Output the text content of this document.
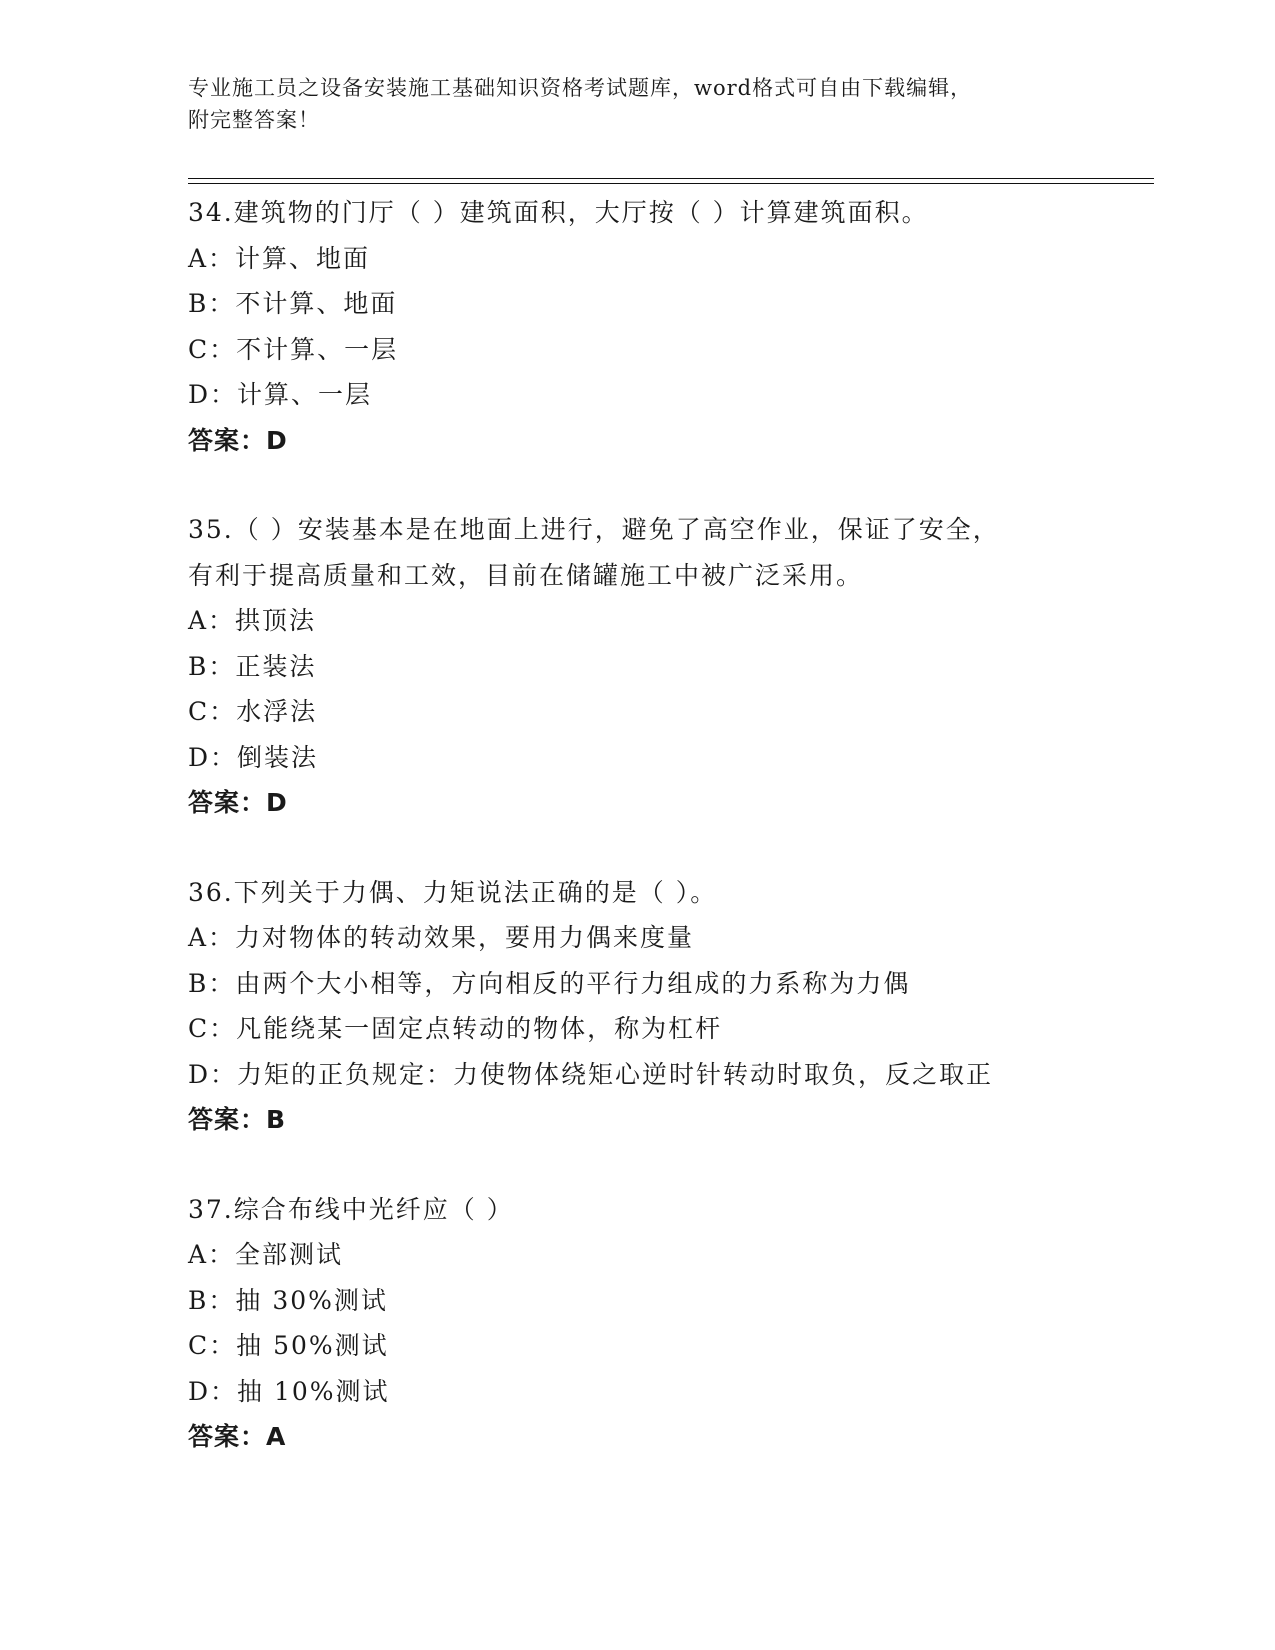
专业施工员之设备安装施工基础知识资格考试题库，word格式可自由下载编辑，
附完整答案！
34.建筑物的门厅（ ）建筑面积，大厅按（ ）计算建筑面积。
A：计算、地面
B：不计算、地面
C：不计算、一层
D：计算、一层
答案：D
35.（ ）安装基本是在地面上进行，避免了高空作业，保证了安全，
有利于提高质量和工效，目前在储罐施工中被广泛采用。
A：拱顶法
B：正装法
C：水浮法
D：倒装法
答案：D
36.下列关于力偶、力矩说法正确的是（ ）。
A：力对物体的转动效果，要用力偶来度量
B：由两个大小相等，方向相反的平行力组成的力系称为力偶
C：凡能绕某一固定点转动的物体，称为杠杆
D：力矩的正负规定：力使物体绕矩心逆时针转动时取负，反之取正
答案：B
37.综合布线中光纤应（ ）
A：全部测试
B：抽 30%测试
C：抽 50%测试
D：抽 10%测试
答案：A
